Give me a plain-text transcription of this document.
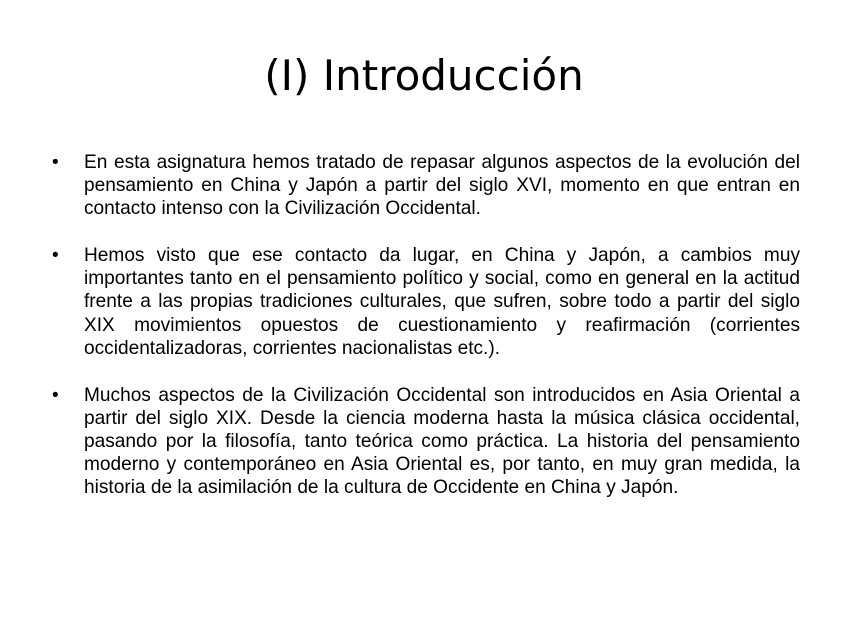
(I) Introducción
• En esta asignatura hemos tratado de repasar algunos aspectos de la evolución del pensamiento en China y Japón a partir del siglo XVI, momento en que entran en contacto intenso con la Civilización Occidental.

• Hemos visto que ese contacto da lugar, en China y Japón, a cambios muy importantes tanto en el pensamiento político y social, como en general en la actitud frente a las propias tradiciones culturales, que sufren, sobre todo a partir del siglo XIX movimientos opuestos de cuestionamiento y reafirmación (corrientes occidentalizadoras, corrientes nacionalistas etc.).

• Muchos aspectos de la Civilización Occidental son introducidos en Asia Oriental a partir del siglo XIX. Desde la ciencia moderna hasta la música clásica occidental, pasando por la filosofía, tanto teórica como práctica. La historia del pensamiento moderno y contemporáneo en Asia Oriental es, por tanto, en muy gran medida, la historia de la asimilación de la cultura de Occidente en China y Japón.
